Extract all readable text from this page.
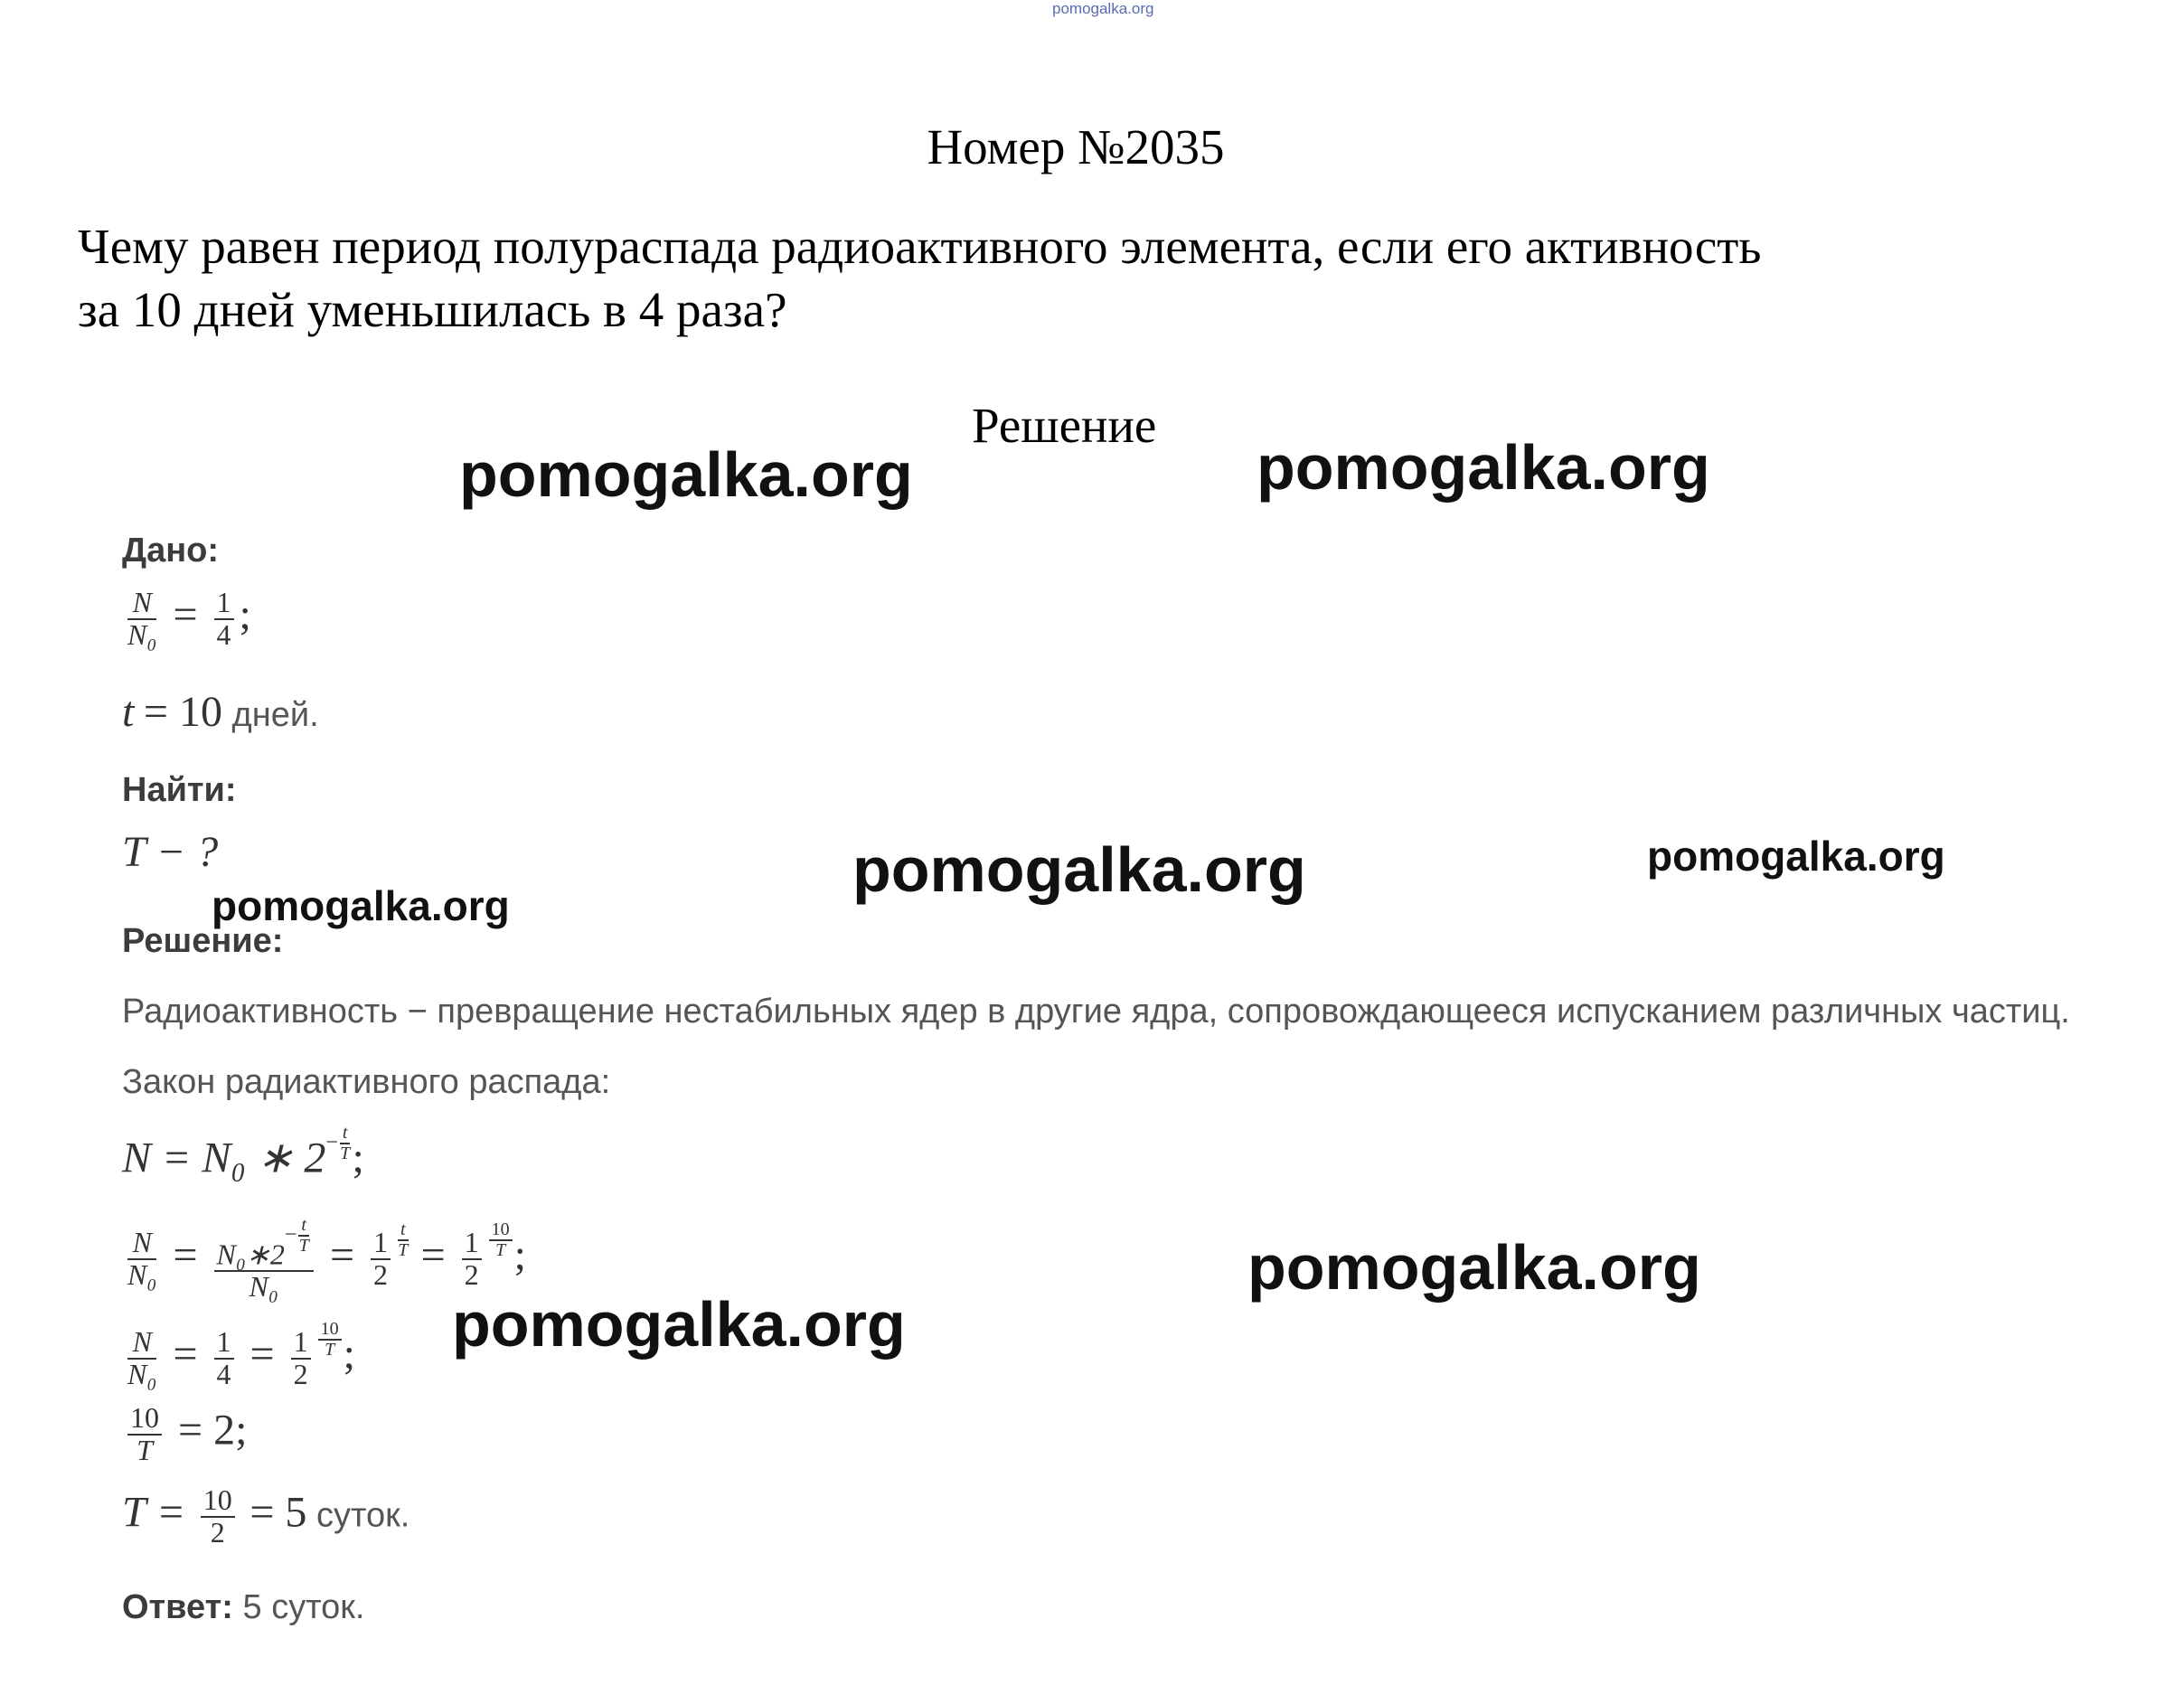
pomogalka.org
Номер №2035
Чему равен период полураспада радиоактивного элемента, если его активность
за 10 дней уменьшилась в 4 раза?
Решение
Дано:
$\frac{N}{\text{N₀}} = \frac{1}{4}$ ;
t = 10 дней.
Найти:
T − ?
Решение:
Радиоактивность − превращение нестабильных ядер в другие ядра, сопровождающееся испусканием различных частиц.
Закон радиактивного распада:
N = N₀ ∗ $2^{- \frac{t}{T}}$ ;
$\frac{N}{\text{N₀}}$ = $N_0∗2^{- \frac{t}{T}}$
$N_0 = \frac{1}{2} ^{\frac{t}{T}} = \frac{1}{2} ^{\frac{10}{T}}$ ;
$\frac{N}{\text{N₀}} = \frac{1}{4} = \frac{1}{2} ^{\frac{10}{T}}$ ;
$\frac{10}{T} = 2$;
$T = \frac{10}{2} = 5$ суток.
Ответ: 5 суток.
pomogalka.org	pomogalka.org
pomogalka.org	pomogalka.org
pomogalka.org
pomogalka.org
pomogalka.org
